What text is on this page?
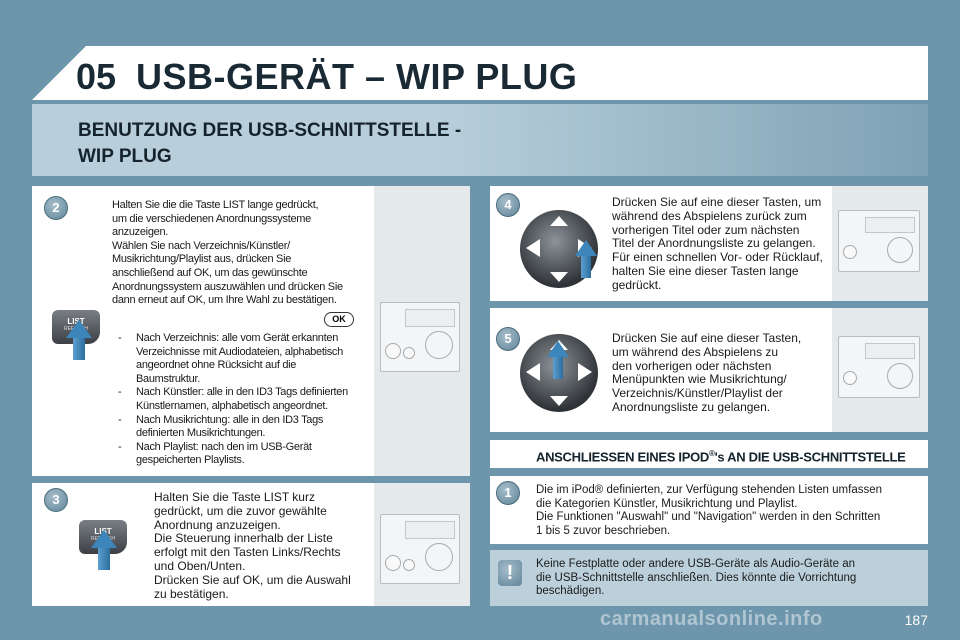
05 USB-GERÄT – WIP PLUG
BENUTZUNG DER USB-SCHNITTSTELLE - WIP PLUG
2	Halten Sie die die Taste LIST lange gedrückt,

um die verschiedenen Anordnungssysteme

anzuzeigen.

Wählen Sie nach Verzeichnis/Künstler/

Musikrichtung/Playlist aus, drücken Sie

anschließend auf OK, um das gewünschte

Anordnungssystem auszuwählen und drücken Sie

dann erneut auf OK, um Ihre Wahl zu bestätigen.

OK
LIST
REFRESH
-	Nach Verzeichnis: alle vom Gerät erkannten

Verzeichnisse mit Audiodateien, alphabetisch

angeordnet ohne Rücksicht auf die

Baumstruktur.

-	Nach Künstler: alle in den ID3 Tags definierten

Künstlernamen, alphabetisch angeordnet.

-	Nach Musikrichtung: alle in den ID3 Tags

definierten Musikrichtungen.

-	Nach Playlist: nach den im USB-Gerät

gespeicherten Playlists.

3	Halten Sie die Taste LIST kurz

gedrückt, um die zuvor gewählte

Anordnung anzuzeigen.

Die Steuerung innerhalb der Liste

erfolgt mit den Tasten Links/Rechts

und Oben/Unten.

Drücken Sie auf OK, um die Auswahl

zu bestätigen.

LIST
REFRESH
4	Drücken Sie auf eine dieser Tasten, um

während des Abspielens zurück zum

vorherigen Titel oder zum nächsten

Titel der Anordnungsliste zu gelangen.

Für einen schnellen Vor- oder Rücklauf,

halten Sie eine dieser Tasten lange

gedrückt.

5	Drücken Sie auf eine dieser Tasten,

um während des Abspielens zu

den vorherigen oder nächsten

Menüpunkten wie Musikrichtung/

Verzeichnis/Künstler/Playlist der

Anordnungsliste zu gelangen.

ANSCHLIESSEN EINES IPOD®'s AN DIE USB-SCHNITTSTELLE
1	Die im iPod® definierten, zur Verfügung stehenden Listen umfassen

die Kategorien Künstler, Musikrichtung und Playlist.

Die Funktionen "Auswahl" und "Navigation" werden in den Schritten

1 bis 5 zuvor beschrieben.

!	Keine Festplatte oder andere USB-Geräte als Audio-Geräte an

die USB-Schnittstelle anschließen. Dies könnte die Vorrichtung

beschädigen.

carmanualsonline.info	187
